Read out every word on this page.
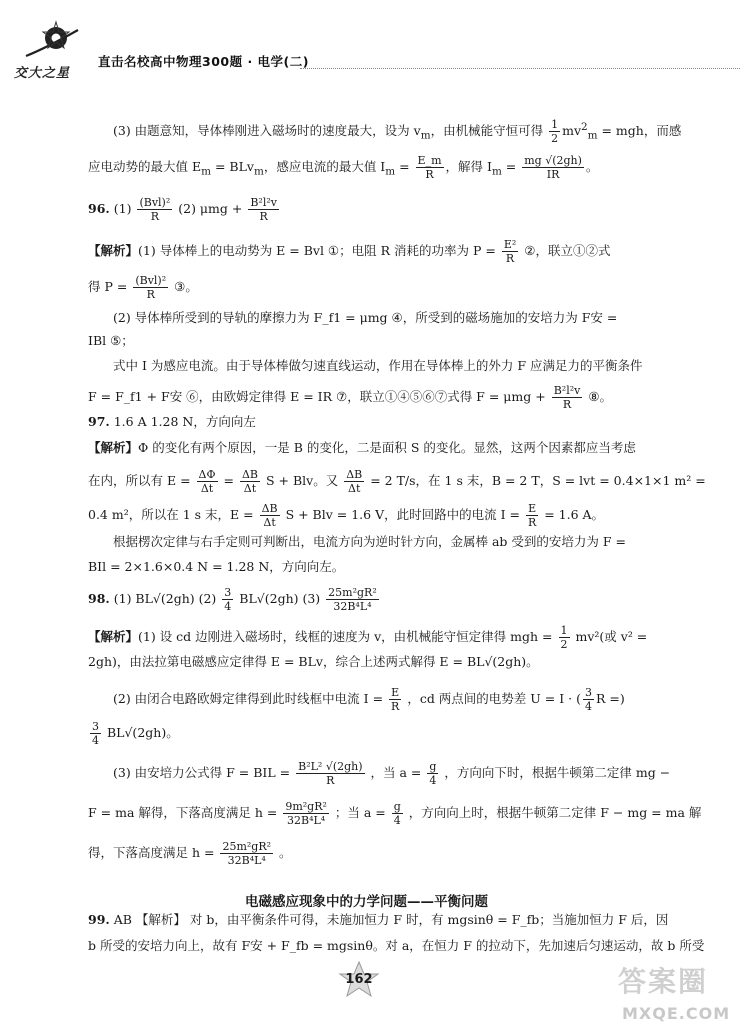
交大之星
直击名校高中物理300题 · 电学(二)
(3) 由题意知，导体棒刚进入磁场时的速度最大，设为 $v_m$，由机械能守恒可得 $\frac{1}{2} mv^2_m$ = mgh，而感
应电动势的最大值 $E_m = BLv_m$，感应电流的最大值 $I_m = \frac{E\_m}{R}$ ，解得 $I_m = \frac{mg √(2gh)}{IR}$ 。
96. $(1) \frac{\text{(Bvl)²}}{R} (2) \mu mg + \frac{\text{B²l²v}}{R}$
【解析】(1) 导体棒上的电动势为 E = Bvl ①；电阻 R 消耗的功率为 $P = \frac{\text{E²}}{R}$ ②，联立①②式
得 $P = \frac{\text{(Bvl)²}}{R}$ ③。
(2) 导体棒所受到的导轨的摩擦力为 F_f1 = μmg ④，所受到的磁场施加的安培力为 F安 =
IBl ⑤；
式中 I 为感应电流。由于导体棒做匀速直线运动，作用在导体棒上的外力 F 应满足力的平衡条件
F = F_f1 + F安 ⑥，由欧姆定律得 E = IR ⑦，联立①④⑤⑥⑦式得 $F = \mu mg + \frac{\text{B²l²v}}{R}$ ⑧。
97. 1.6 A 1.28 N，方向向左
【解析】Φ 的变化有两个原因，一是 B 的变化，二是面积 S 的变化。显然，这两个因素都应当考虑
在内，所以有 $E = \frac{\Delta\Phi}{\Delta t} = \frac{\Delta B}{\Delta t}$ S + Blv。又 $\frac{\Delta B}{\Delta t} = 2$ T/s，在 1 s 末，B = 2 T，S = lvt = 0.4×1×1 m² =
0.4 m²，所以在 1 s 末，$E = \frac{\Delta B}{\Delta t}$ S + Blv = 1.6 V，此时回路中的电流 $I = \frac{E}{R} = 1.6$ A。
根据楞次定律与右手定则可判断出，电流方向为逆时针方向，金属棒 ab 受到的安培力为 F =
BIl = 2×1.6×0.4 N = 1.28 N，方向向左。
98. (1) BL√(2gh) $(2) \frac{3}{4} BL√(2gh)$ $(3) \frac{\text{25m²gR²}}{\text{32B⁴L⁴}}$
【解析】(1) 设 cd 边刚进入磁场时，线框的速度为 v，由机械能守恒定律得 mgh = $\frac{1}{2} mv^2$(或 v² =
2gh)，由法拉第电磁感应定律得 E = BLv，综合上述两式解得 E = BL√(2gh)。
(2) 由闭合电路欧姆定律得到此时线框中电流 $I = \frac{E}{R}$ ，cd 两点间的电势差 U = I · ( $\frac{3}{4}$ R =)
$\frac{3}{4} BL√(2gh)$。
(3) 由安培力公式得 F = BIL = $\frac{\text{B²L² √(2gh)}}{R}$ ，当 $a = \frac{g}{4}$ ，方向向下时，根据牛顿第二定律 mg −
F = ma 解得，下落高度满足 $h = \frac{\text{9m²gR²}}{\text{32B⁴L⁴}}$ ；当 $a = \frac{g}{4}$ ，方向向上时，根据牛顿第二定律 F − mg = ma 解
得，下落高度满足 $h = \frac{\text{25m²gR²}}{\text{32B⁴L⁴}}$ 。
99. AB 【解析】 对 b，由平衡条件可得，未施加恒力 F 时，有 mgsinθ = F_fb；当施加恒力 F 后，因
b 所受的安培力向上，故有 F安 + F_fb = mgsinθ。对 a，在恒力 F 的拉动下，先加速后匀速运动，故 b 所受
电磁感应现象中的力学问题——平衡问题
162	答案圈
MXQE.COM
